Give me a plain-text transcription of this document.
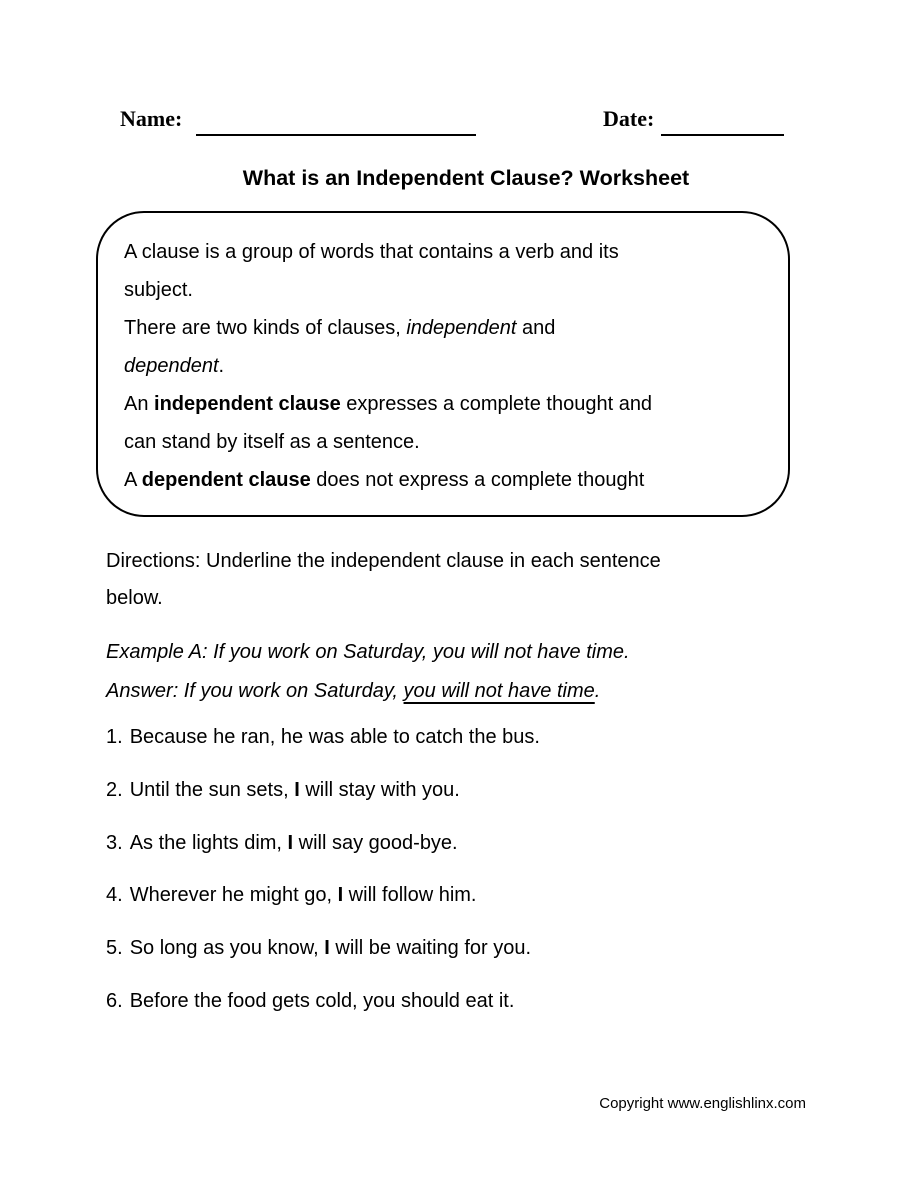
Name:	Date:
What is an Independent Clause? Worksheet
A clause is a group of words that contains a verb and its
subject.
There are two kinds of clauses, independent and
dependent.
An independent clause expresses a complete thought and
can stand by itself as a sentence.
A dependent clause does not express a complete thought
Directions: Underline the independent clause in each sentence
below.
Example A: If you work on Saturday, you will not have time.
Answer: If you work on Saturday, you will not have time.
1. Because he ran, he was able to catch the bus.
2. Until the sun sets, I will stay with you.
3. As the lights dim, I will say good-bye.
4. Wherever he might go, I will follow him.
5. So long as you know, I will be waiting for you.
6. Before the food gets cold, you should eat it.
Copyright www.englishlinx.com
